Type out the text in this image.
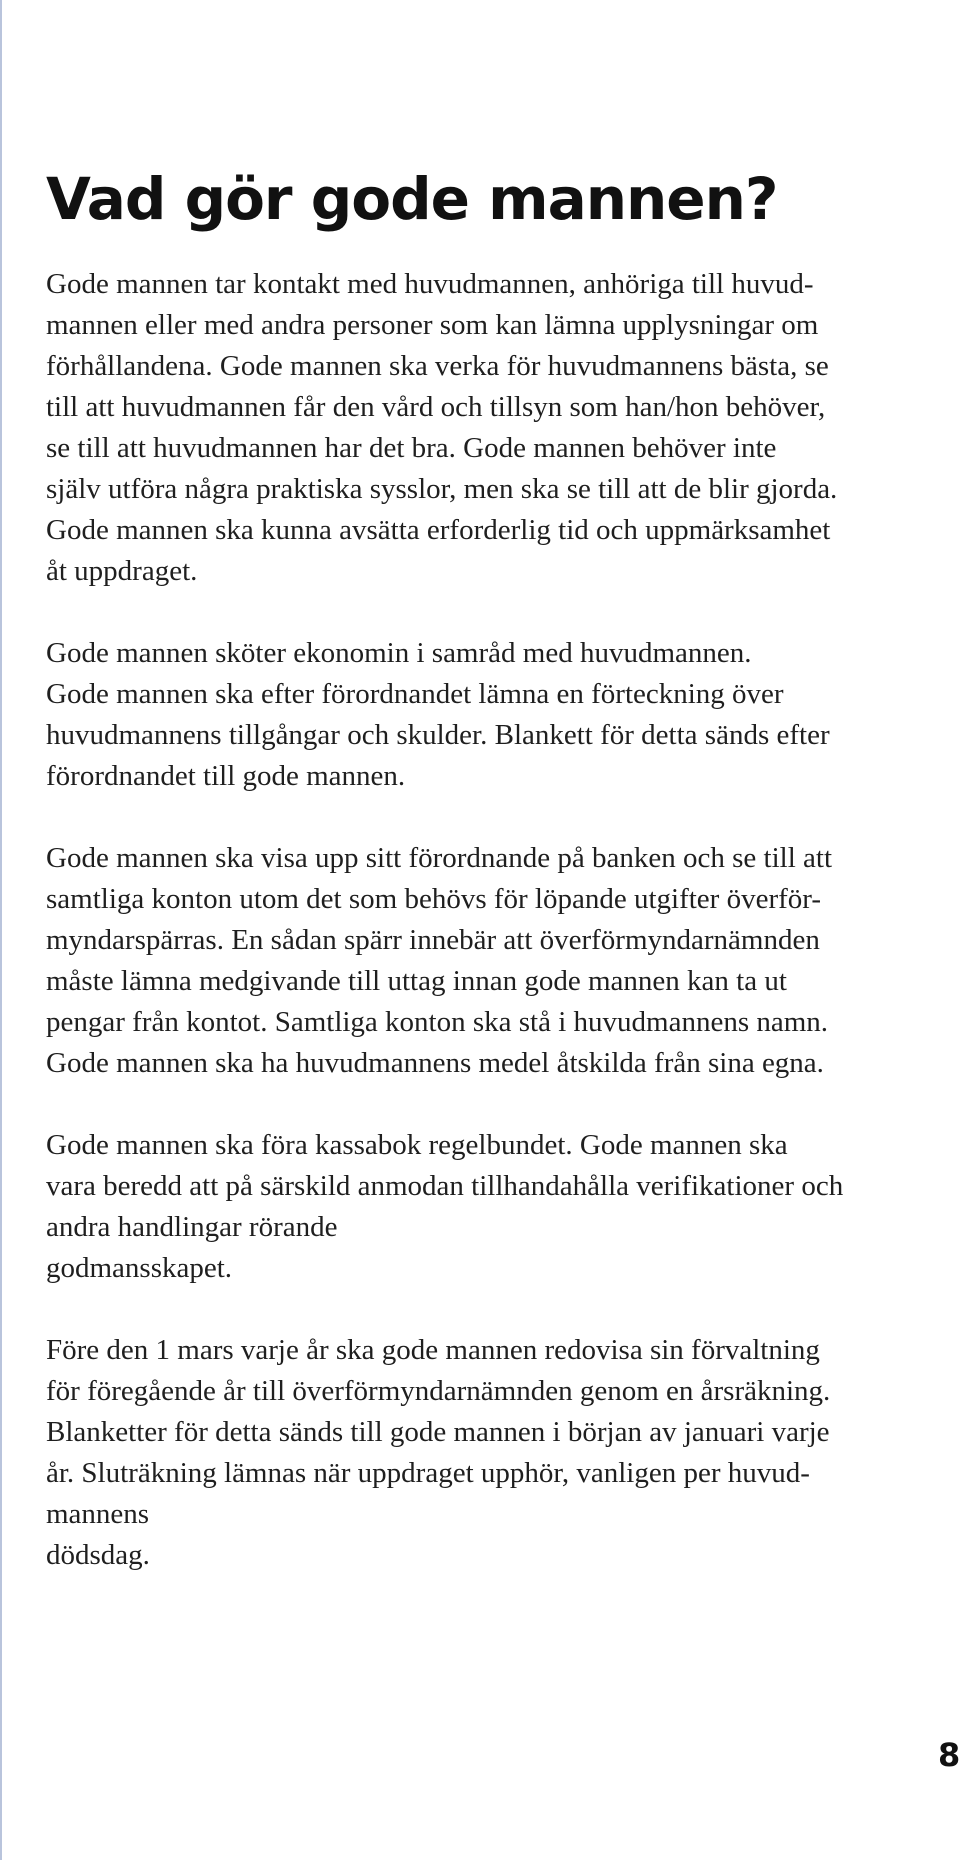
Vad gör gode mannen?

Gode mannen tar kontakt med huvudmannen, anhöriga till huvud-
mannen eller med andra personer som kan lämna upplysningar om
förhållandena. Gode mannen ska verka för huvudmannens bästa, se
till att huvudmannen får den vård och tillsyn som han/hon behöver,
se till att huvudmannen har det bra. Gode mannen behöver inte
själv utföra några praktiska sysslor, men ska se till att de blir gjorda.
Gode mannen ska kunna avsätta erforderlig tid och uppmärksamhet
åt uppdraget.

Gode mannen sköter ekonomin i samråd med huvudmannen.
Gode mannen ska efter förordnandet lämna en förteckning över
huvudmannens tillgångar och skulder. Blankett för detta sänds efter
förordnandet till gode mannen.

Gode mannen ska visa upp sitt förordnande på banken och se till att
samtliga konton utom det som behövs för löpande utgifter överför-
myndarspärras. En sådan spärr innebär att överförmyndarnämnden
måste lämna medgivande till uttag innan gode mannen kan ta ut
pengar från kontot. Samtliga konton ska stå i huvudmannens namn.
Gode mannen ska ha huvudmannens medel åtskilda från sina egna.

Gode mannen ska föra kassabok regelbundet. Gode mannen ska
vara beredd att på särskild anmodan tillhandahålla verifikationer och
andra handlingar rörande
godmansskapet.

Före den 1 mars varje år ska gode mannen redovisa sin förvaltning
för föregående år till överförmyndarnämnden genom en årsräkning.
Blanketter för detta sänds till gode mannen i början av januari varje
år. Sluträkning lämnas när uppdraget upphör, vanligen per huvud-
mannens
dödsdag.

8
